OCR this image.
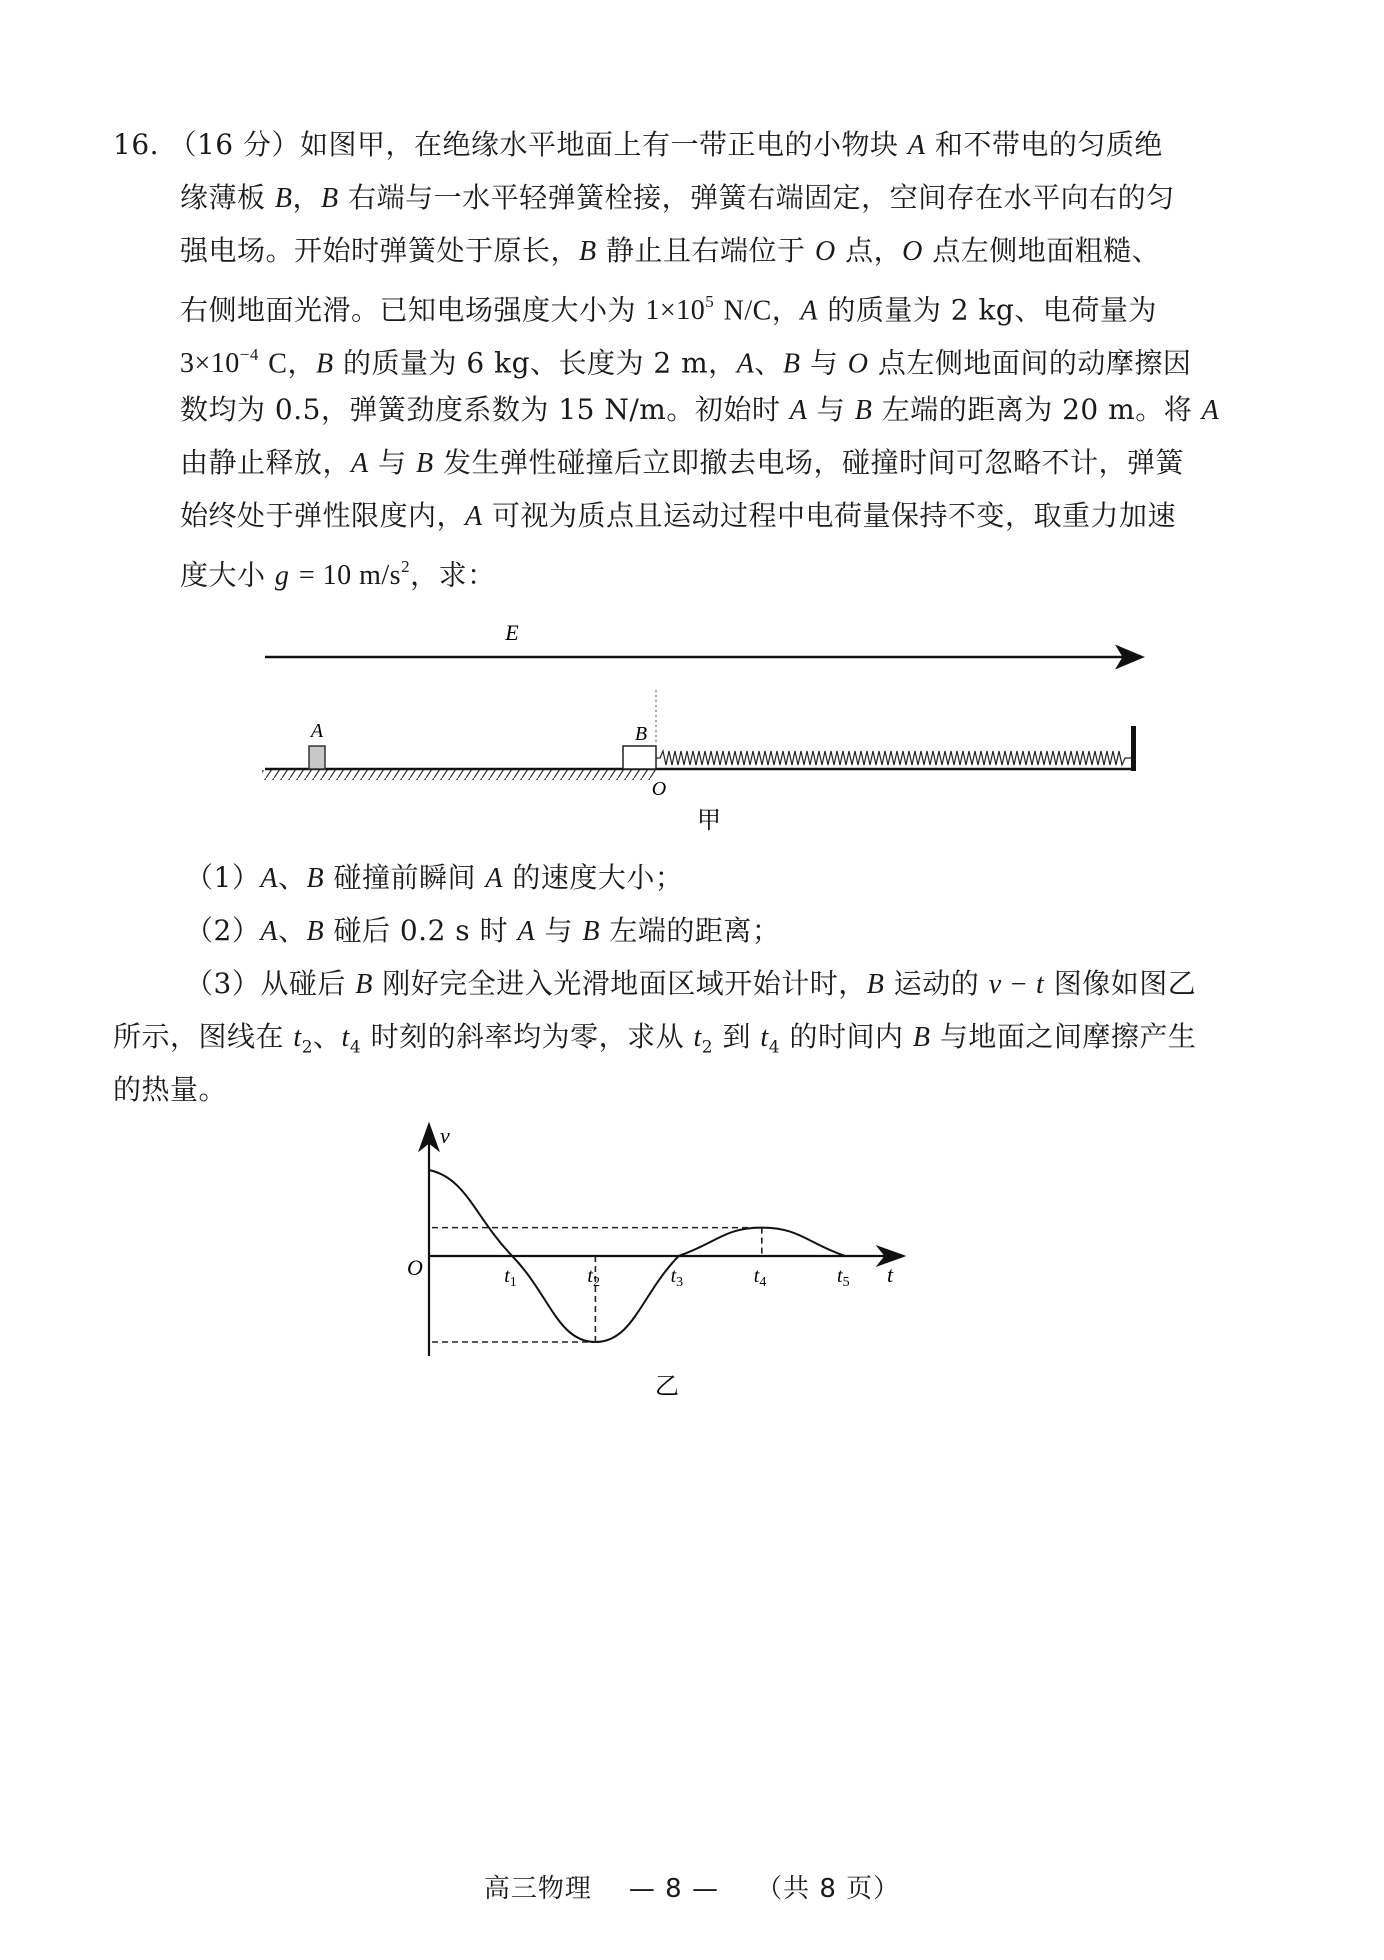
16. （16 分）如图甲，在绝缘水平地面上有一带正电的小物块 A 和不带电的匀质绝
缘薄板 B，B 右端与一水平轻弹簧栓接，弹簧右端固定，空间存在水平向右的匀
强电场。开始时弹簧处于原长，B 静止且右端位于 O 点，O 点左侧地面粗糙、
右侧地面光滑。已知电场强度大小为 $1\times 10^5$ N/C，A 的质量为 2 kg、电荷量为
$3\times 10^{-4}$ C，B 的质量为 6 kg、长度为 2 m，A、B 与 O 点左侧地面间的动摩擦因
数均为 0.5，弹簧劲度系数为 15 N/m。初始时 A 与 B 左端的距离为 20 m。将 A
由静止释放，A 与 B 发生弹性碰撞后立即撤去电场，碰撞时间可忽略不计，弹簧
始终处于弹性限度内，A 可视为质点且运动过程中电荷量保持不变，取重力加速
度大小 g = 10 $m/s^2$，求：
E
A	B
O
甲
（1）A、B 碰撞前瞬间 A 的速度大小；
（2）A、B 碰后 0.2 s 时 A 与 B 左端的距离；
（3）从碰后 B 刚好完全进入光滑地面区域开始计时，B 运动的 v − t 图像如图乙
所示，图线在 $t_2$、$t_4$ 时刻的斜率均为零，求从 $t_2$ 到 $t_4$ 的时间内 B 与地面之间摩擦产生
的热量。
v
t
O	$t_1$	$t_2$	$t_3$	$t_4$	$t_5$
乙
高三物理 — 8 — （共 8 页）
